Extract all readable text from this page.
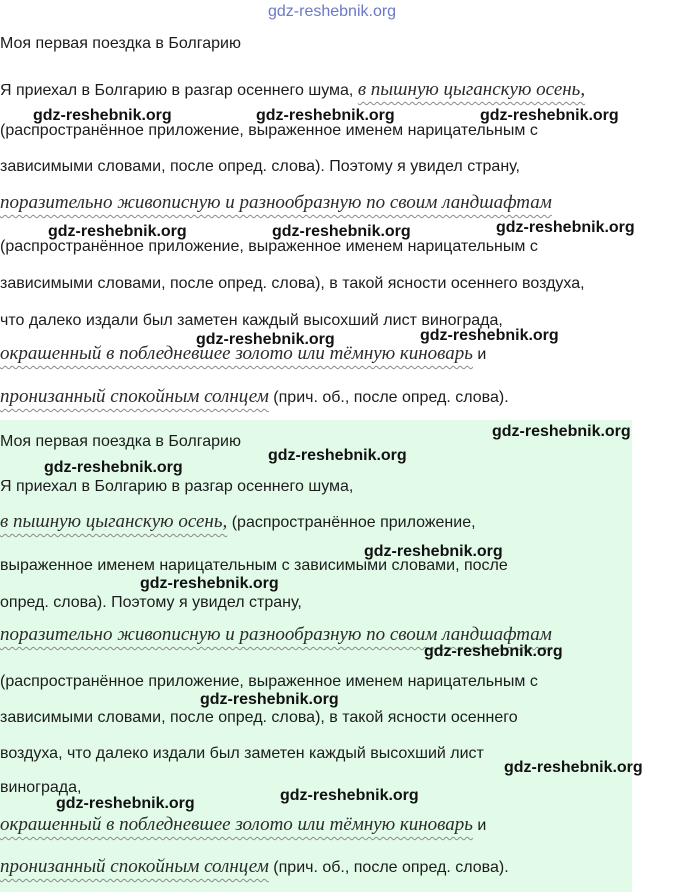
Моя первая поездка в Болгарию
Я приехал в Болгарию в разгар осеннего шума, в пышную цыганскую осень,
(распространённое приложение, выраженное именем нарицательным с
зависимыми словами, после опред. слова). Поэтому я увидел страну,
поразительно живописную и разнообразную по своим ландшафтам
(распространённое приложение, выраженное именем нарицательным с
зависимыми словами, после опред. слова), в такой ясности осеннего воздуха,
что далеко издали был заметен каждый высохший лист винограда,
окрашенный в побледневшее золото или тёмную киноварь и
пронизанный спокойным солнцем (прич. об., после опред. слова).
Моя первая поездка в Болгарию
Я приехал в Болгарию в разгар осеннего шума,
в пышную цыганскую осень, (распространённое приложение,
выраженное именем нарицательным с зависимыми словами, после
опред. слова). Поэтому я увидел страну,
поразительно живописную и разнообразную по своим ландшафтам
(распространённое приложение, выраженное именем нарицательным с
зависимыми словами, после опред. слова), в такой ясности осеннего
воздуха, что далеко издали был заметен каждый высохший лист
винограда,
окрашенный в побледневшее золото или тёмную киноварь и
пронизанный спокойным солнцем (прич. об., после опред. слова).
gdz-reshebnik.org
gdz-reshebnik.org	gdz-reshebnik.org	gdz-reshebnik.org
gdz-reshebnik.org	gdz-reshebnik.org	gdz-reshebnik.org
gdz-reshebnik.org	gdz-reshebnik.org
gdz-reshebnik.org
gdz-reshebnik.org
gdz-reshebnik.org
gdz-reshebnik.org
gdz-reshebnik.org
gdz-reshebnik.org
gdz-reshebnik.org
gdz-reshebnik.org
gdz-reshebnik.org
gdz-reshebnik.org
